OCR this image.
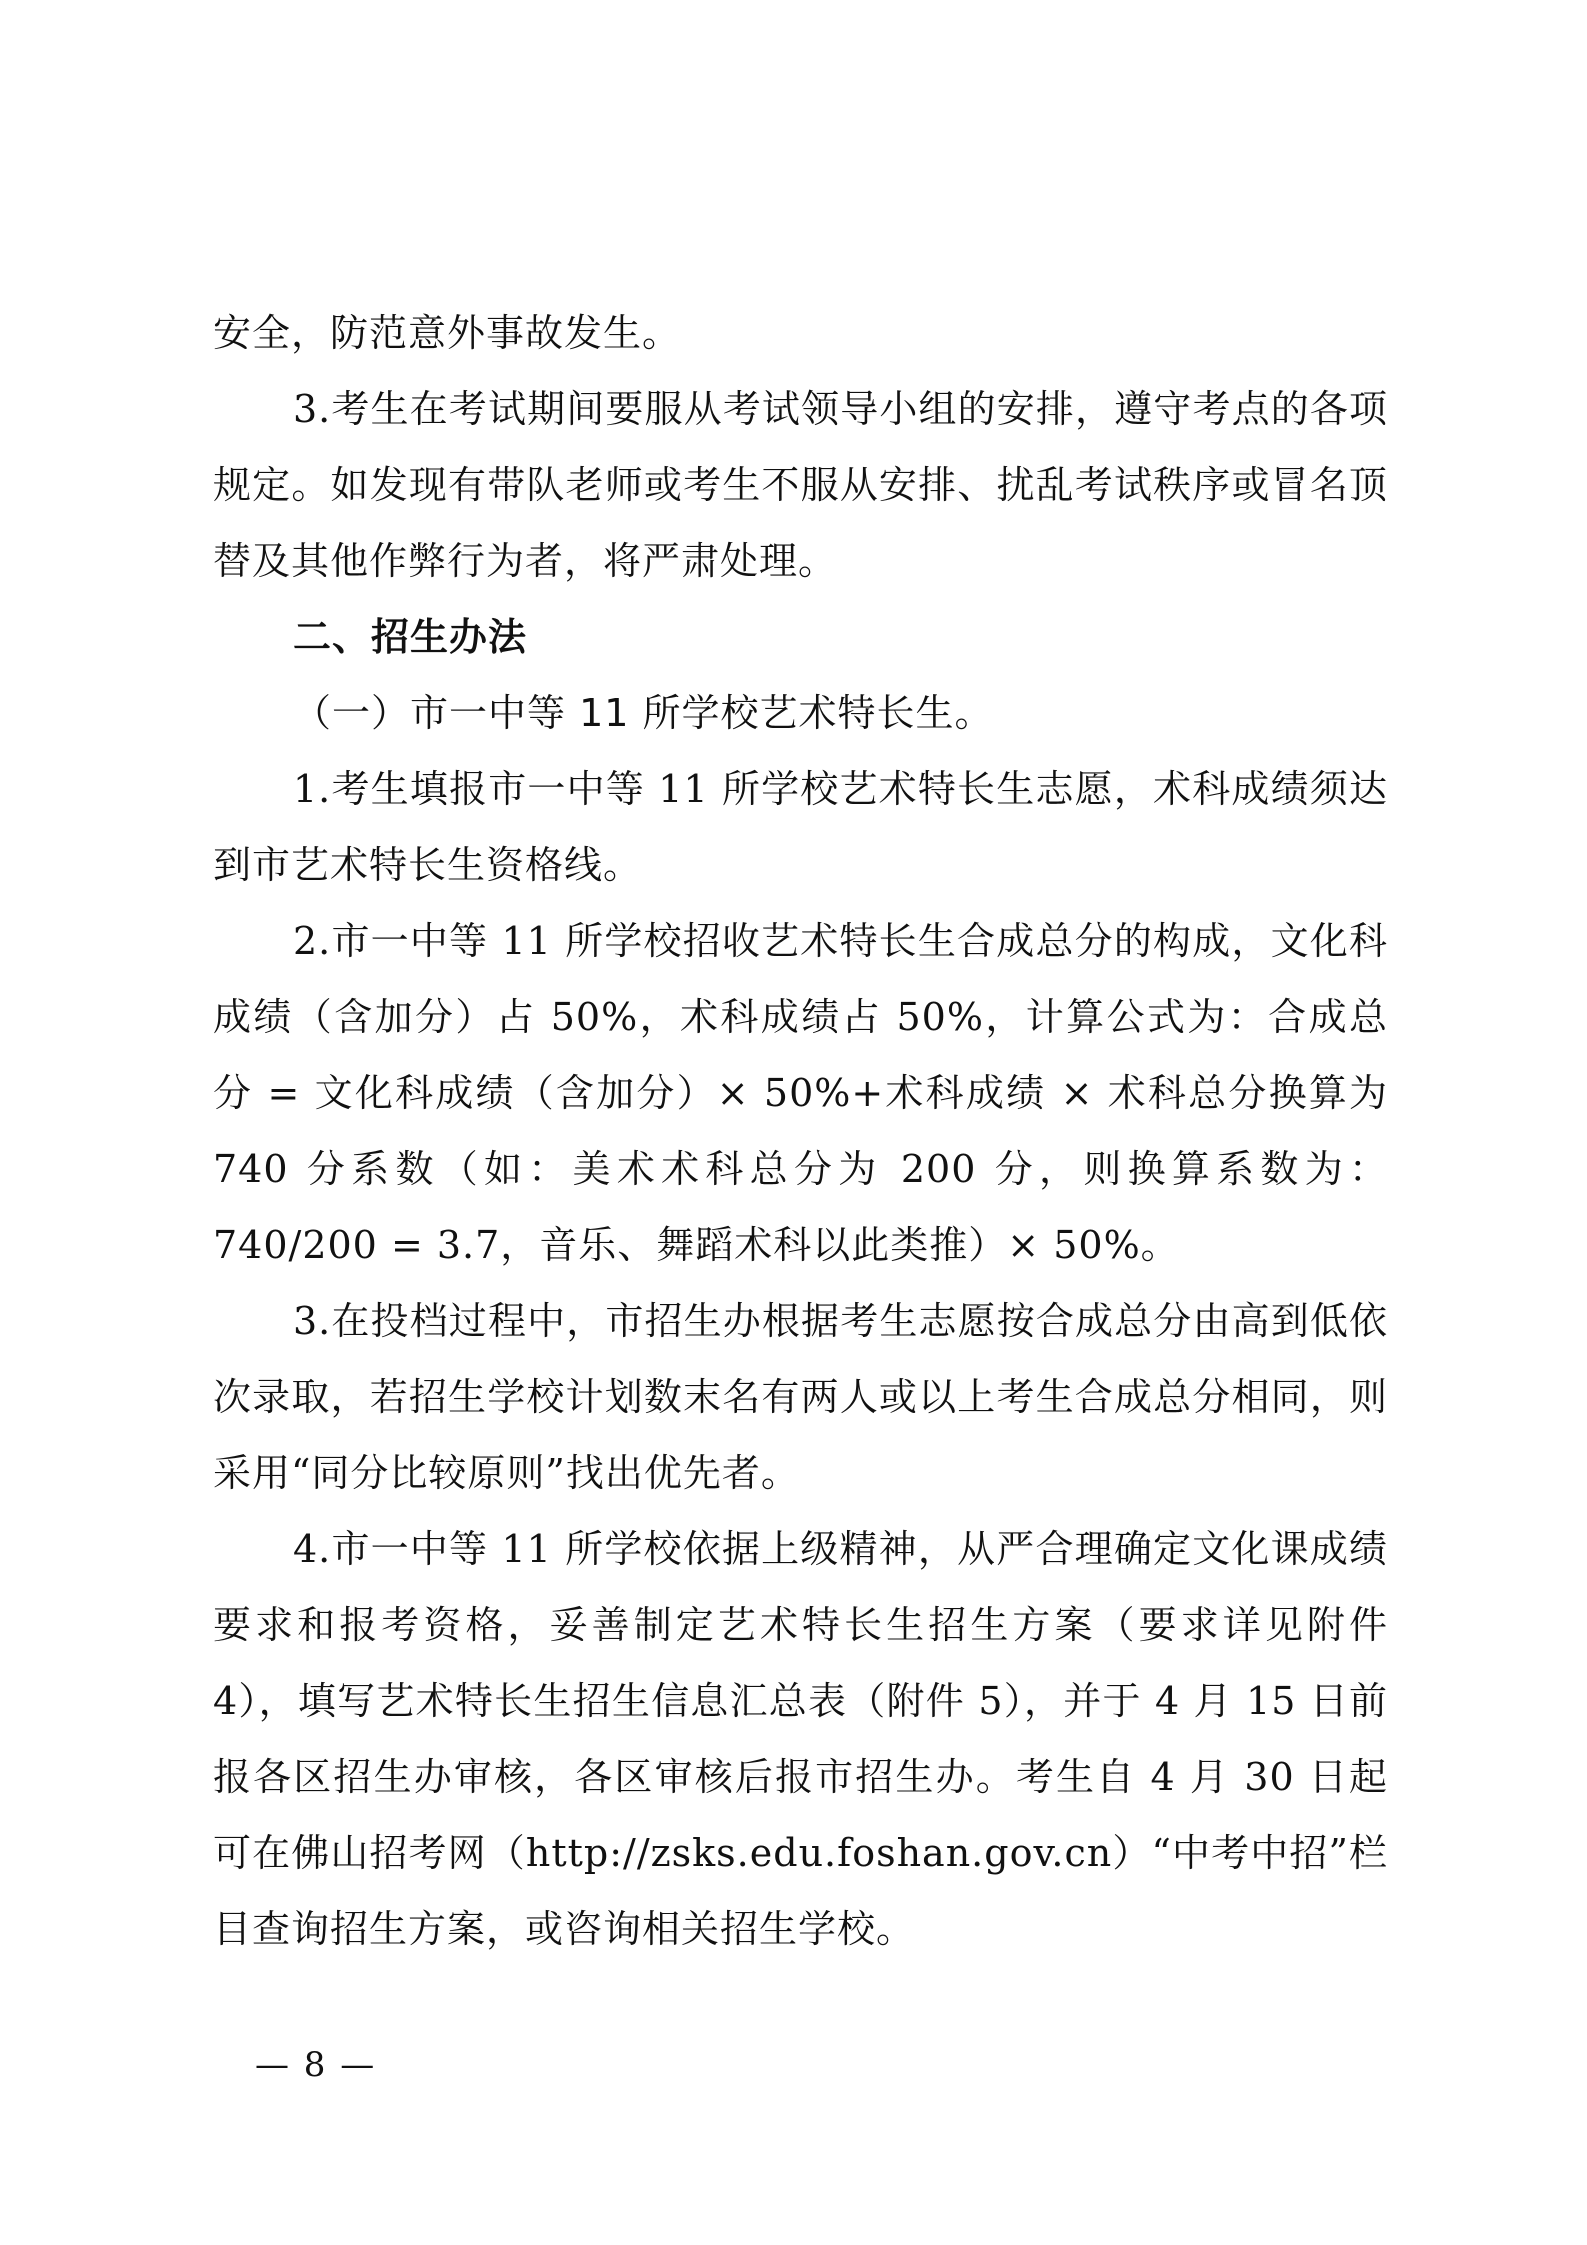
安全，防范意外事故发生。

3.考生在考试期间要服从考试领导小组的安排，遵守考点的各项规定。如发现有带队老师或考生不服从安排、扰乱考试秩序或冒名顶替及其他作弊行为者，将严肃处理。

二、招生办法

（一）市一中等 11 所学校艺术特长生。

1.考生填报市一中等 11 所学校艺术特长生志愿，术科成绩须达到市艺术特长生资格线。

2.市一中等 11 所学校招收艺术特长生合成总分的构成，文化科成绩（含加分）占 50%，术科成绩占 50%，计算公式为：合成总分 = 文化科成绩（含加分）× 50%+术科成绩 × 术科总分换算为 740 分系数（如：美术术科总分为 200 分，则换算系数为：740/200 = 3.7，音乐、舞蹈术科以此类推）× 50%。

3.在投档过程中，市招生办根据考生志愿按合成总分由高到低依次录取，若招生学校计划数末名有两人或以上考生合成总分相同，则采用“同分比较原则”找出优先者。

4.市一中等 11 所学校依据上级精神，从严合理确定文化课成绩要求和报考资格，妥善制定艺术特长生招生方案（要求详见附件 4），填写艺术特长生招生信息汇总表（附件 5），并于 4 月 15 日前报各区招生办审核，各区审核后报市招生办。考生自 4 月 30 日起可在佛山招考网（http://zsks.edu.foshan.gov.cn）“中考中招”栏目查询招生方案，或咨询相关招生学校。

— 8 —
